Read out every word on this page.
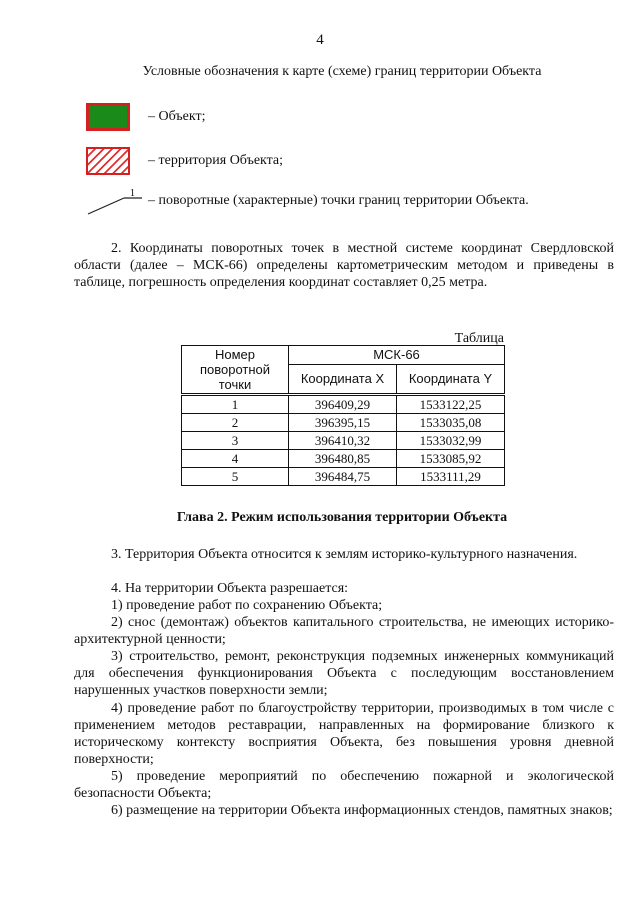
4
Условные обозначения к карте (схеме) границ территории Объекта
– Объект;
– территория Объекта;
1 – поворотные (характерные) точки границ территории Объекта.
2. Координаты поворотных точек в местной системе координат Свердловской области (далее – МСК-66) определены картометрическим методом и приведены в таблице, погрешность определения координат составляет 0,25 метра.
Таблица
Номер поворотной точки	МСК-66	
	Координата X	Координата Y
1	396409,29	1533122,25
2	396395,15	1533035,08
3	396410,32	1533032,99
4	396480,85	1533085,92
5	396484,75	1533111,29
Глава 2. Режим использования территории Объекта
3. Территория Объекта относится к землям историко-культурного назначения.
4. На территории Объекта разрешается:
1) проведение работ по сохранению Объекта;
2) снос (демонтаж) объектов капитального строительства, не имеющих историко-архитектурной ценности;
3) строительство, ремонт, реконструкция подземных инженерных коммуникаций для обеспечения функционирования Объекта с последующим восстановлением нарушенных участков поверхности земли;
4) проведение работ по благоустройству территории, производимых в том числе с применением методов реставрации, направленных на формирование близкого к историческому контексту восприятия Объекта, без повышения уровня дневной поверхности;
5) проведение мероприятий по обеспечению пожарной и экологической безопасности Объекта;
6) размещение на территории Объекта информационных стендов, памятных знаков;
